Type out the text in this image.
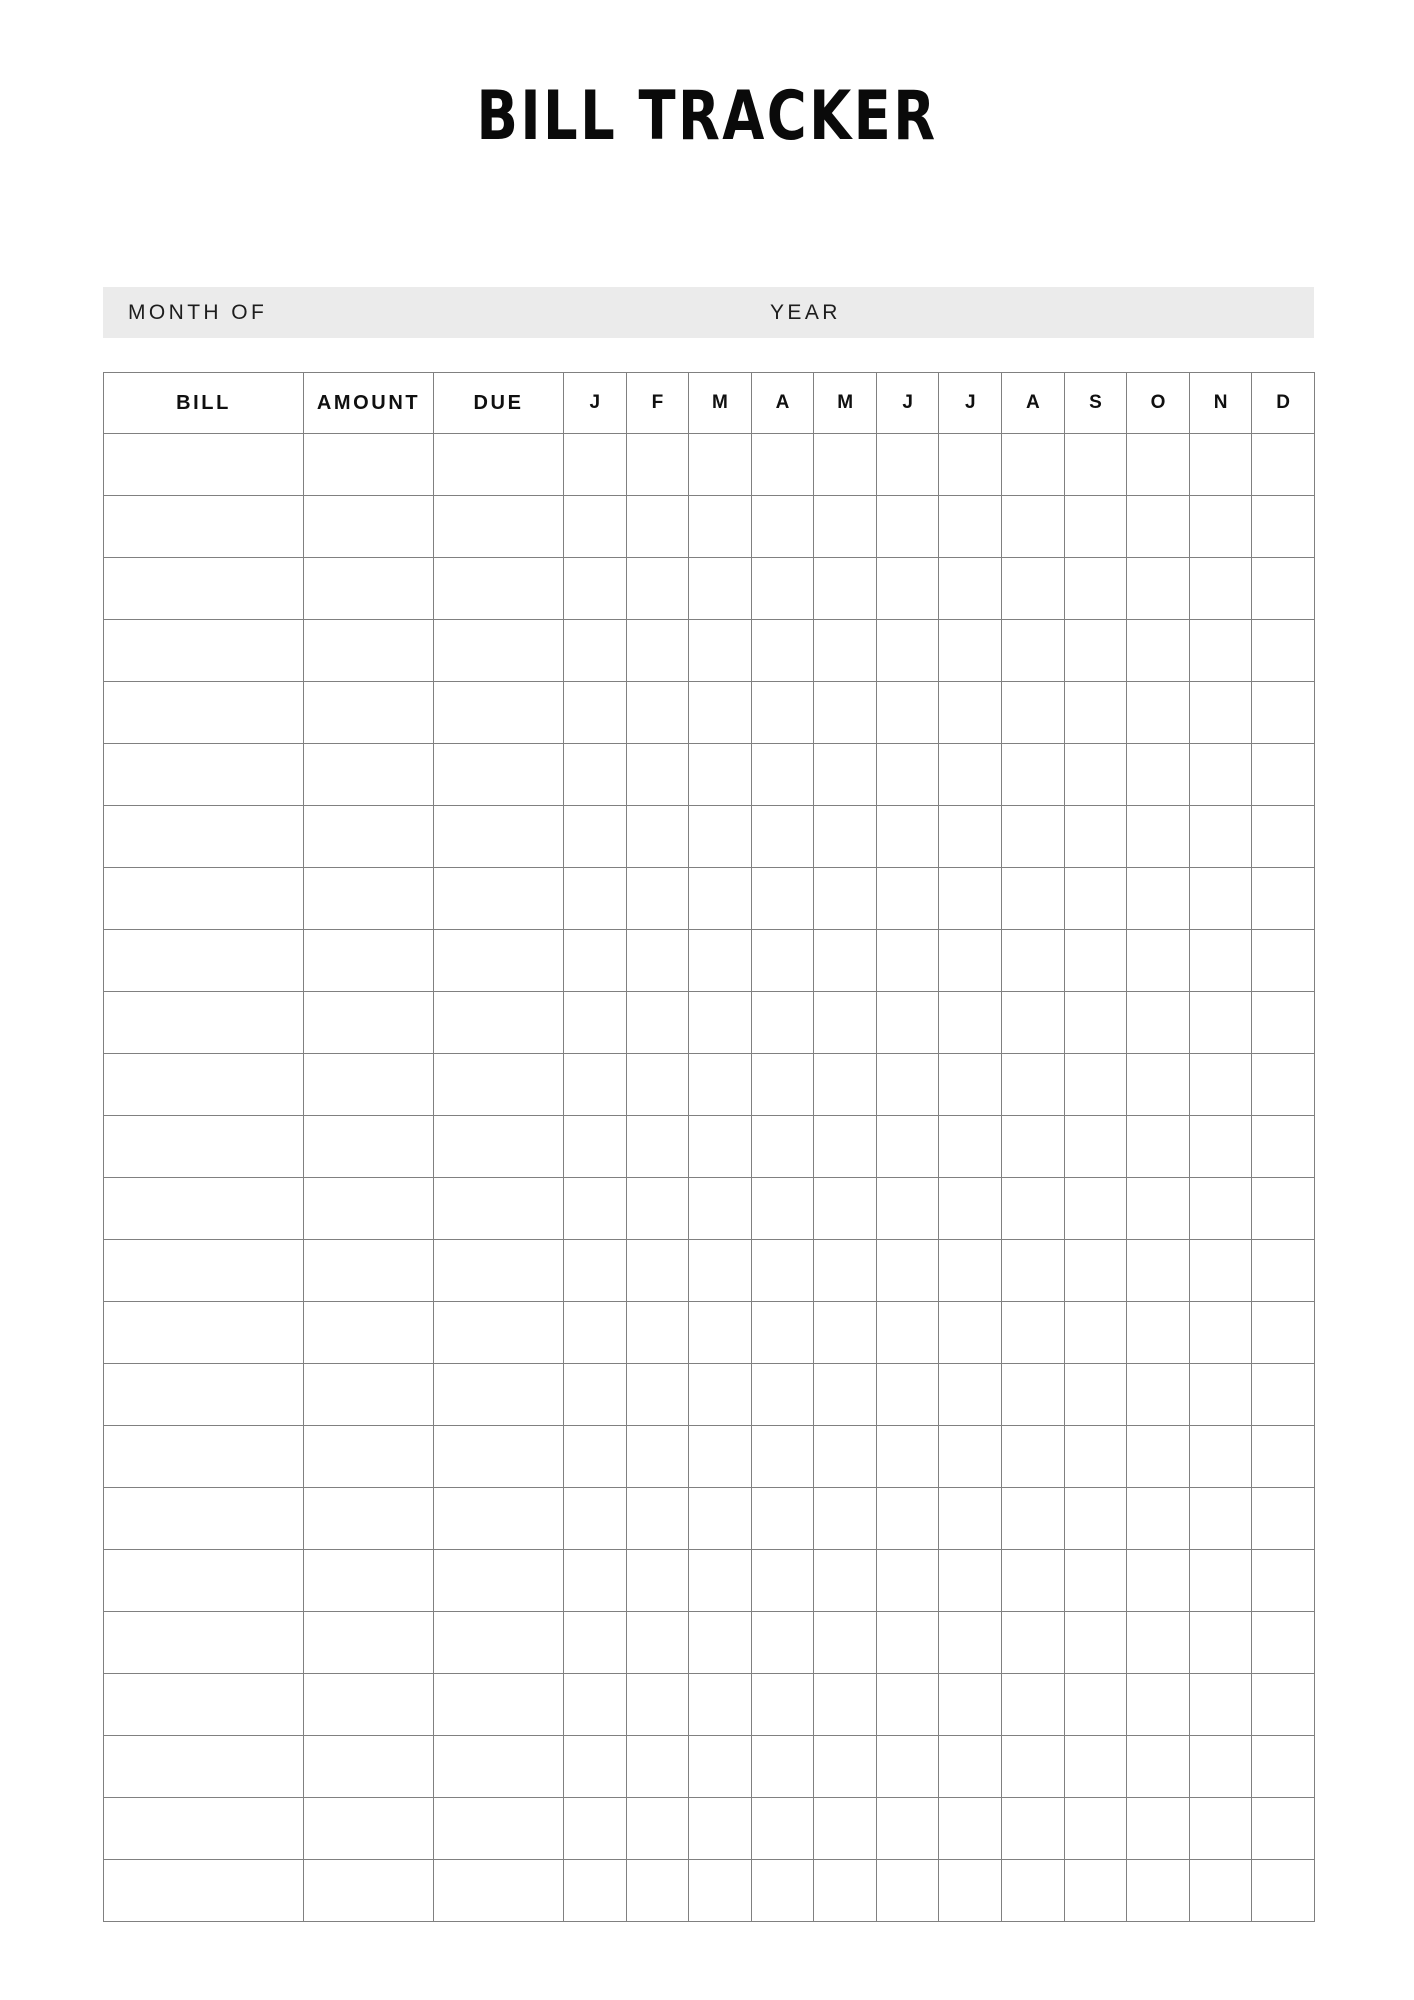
BILL TRACKER
MONTH OF	YEAR
BILL	AMOUNT	DUE	J	F	M	A	M	J	J	A	S	O	N	D
